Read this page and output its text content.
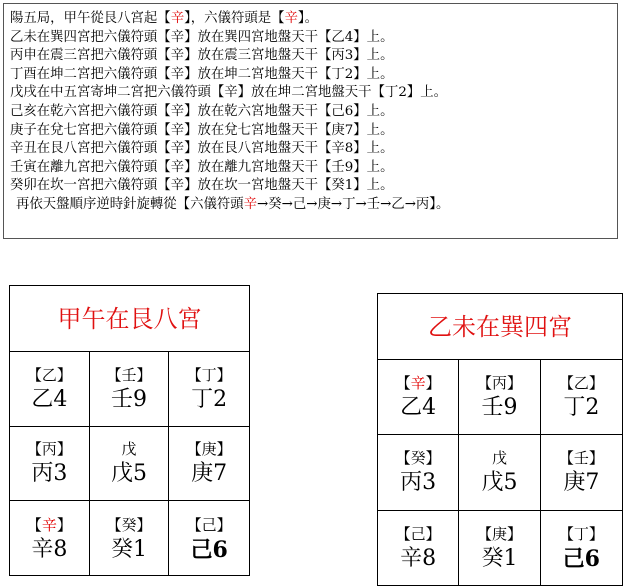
陽五局，甲午從艮八宮起【辛】，六儀符頭是【辛】。
乙未在巽四宮把六儀符頭【辛】放在巽四宮地盤天干【乙4】上。
丙申在震三宮把六儀符頭【辛】放在震三宮地盤天干【丙3】上。
丁酉在坤二宮把六儀符頭【辛】放在坤二宮地盤天干【丁2】上。
戊戌在中五宮寄坤二宮把六儀符頭【辛】放在坤二宮地盤天干【丁2】上。
己亥在乾六宮把六儀符頭【辛】放在乾六宮地盤天干【己6】上。
庚子在兌七宮把六儀符頭【辛】放在兌七宮地盤天干【庚7】上。
辛丑在艮八宮把六儀符頭【辛】放在艮八宮地盤天干【辛8】上。
壬寅在離九宮把六儀符頭【辛】放在離九宮地盤天干【壬9】上。
癸卯在坎一宮把六儀符頭【辛】放在坎一宮地盤天干【癸1】上。
再依天盤順序逆時針旋轉從【六儀符頭辛→癸→己→庚→丁→壬→乙→丙】。
甲午在艮八宮
【乙】
乙4
【壬】
壬9
【丁】
丁2
【丙】
丙3
戊
戊5
【庚】
庚7
【辛】
辛8
【癸】
癸1
【己】
己6
乙未在巽四宮
【辛】
乙4
【丙】
壬9
【乙】
丁2
【癸】
丙3
戊
戊5
【壬】
庚7
【己】
辛8
【庚】
癸1
【丁】
己6
